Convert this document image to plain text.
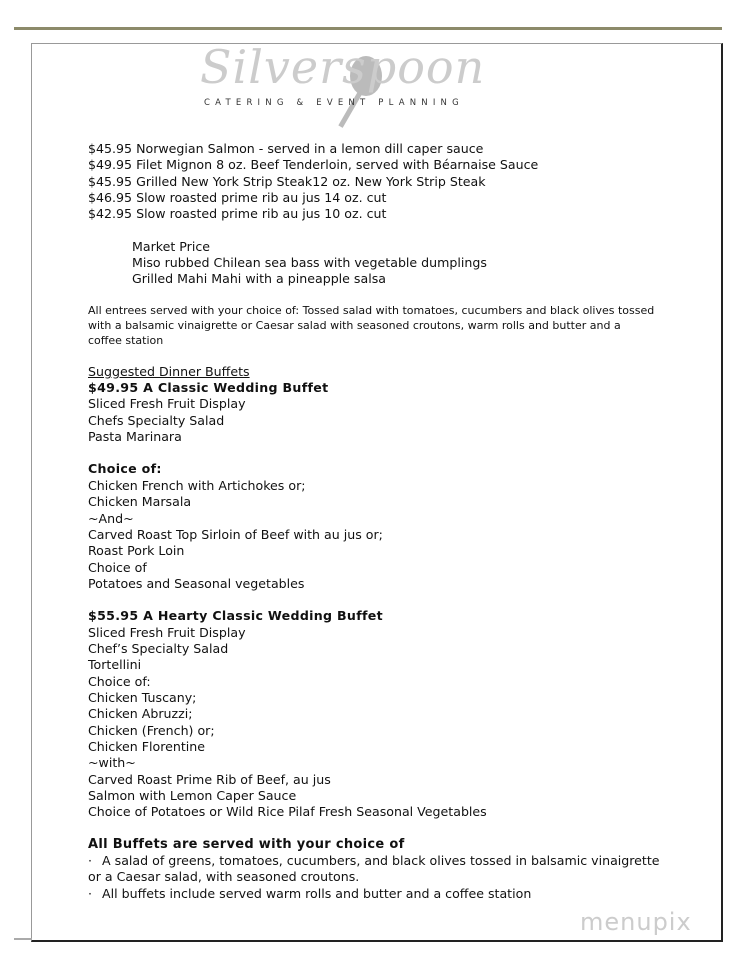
Silverspoon
CATERING & EVENT PLANNING
$45.95 Norwegian Salmon - served in a lemon dill caper sauce
$49.95 Filet Mignon 8 oz. Beef Tenderloin, served with Béarnaise Sauce
$45.95 Grilled New York Strip Steak12 oz. New York Strip Steak
$46.95 Slow roasted prime rib au jus 14 oz. cut
$42.95 Slow roasted prime rib au jus 10 oz. cut
Market Price
Miso rubbed Chilean sea bass with vegetable dumplings
Grilled Mahi Mahi with a pineapple salsa
All entrees served with your choice of: Tossed salad with tomatoes, cucumbers and black olives tossed with a balsamic vinaigrette or Caesar salad with seasoned croutons, warm rolls and butter and a coffee station
Suggested Dinner Buffets
$49.95 A Classic Wedding Buffet
Sliced Fresh Fruit Display
Chefs Specialty Salad
Pasta Marinara
Choice of:
Chicken French with Artichokes or;
Chicken Marsala
~And~
Carved Roast Top Sirloin of Beef with au jus or;
Roast Pork Loin
Choice of
Potatoes and Seasonal vegetables
$55.95 A Hearty Classic Wedding Buffet
Sliced Fresh Fruit Display
Chef’s Specialty Salad
Tortellini
Choice of:
Chicken Tuscany;
Chicken Abruzzi;
Chicken (French) or;
Chicken Florentine
~with~
Carved Roast Prime Rib of Beef, au jus
Salmon with Lemon Caper Sauce
Choice of Potatoes or Wild Rice Pilaf Fresh Seasonal Vegetables
All Buffets are served with your choice of
· A salad of greens, tomatoes, cucumbers, and black olives tossed in balsamic vinaigrette or a Caesar salad, with seasoned croutons.
· All buffets include served warm rolls and butter and a coffee station
menupix
